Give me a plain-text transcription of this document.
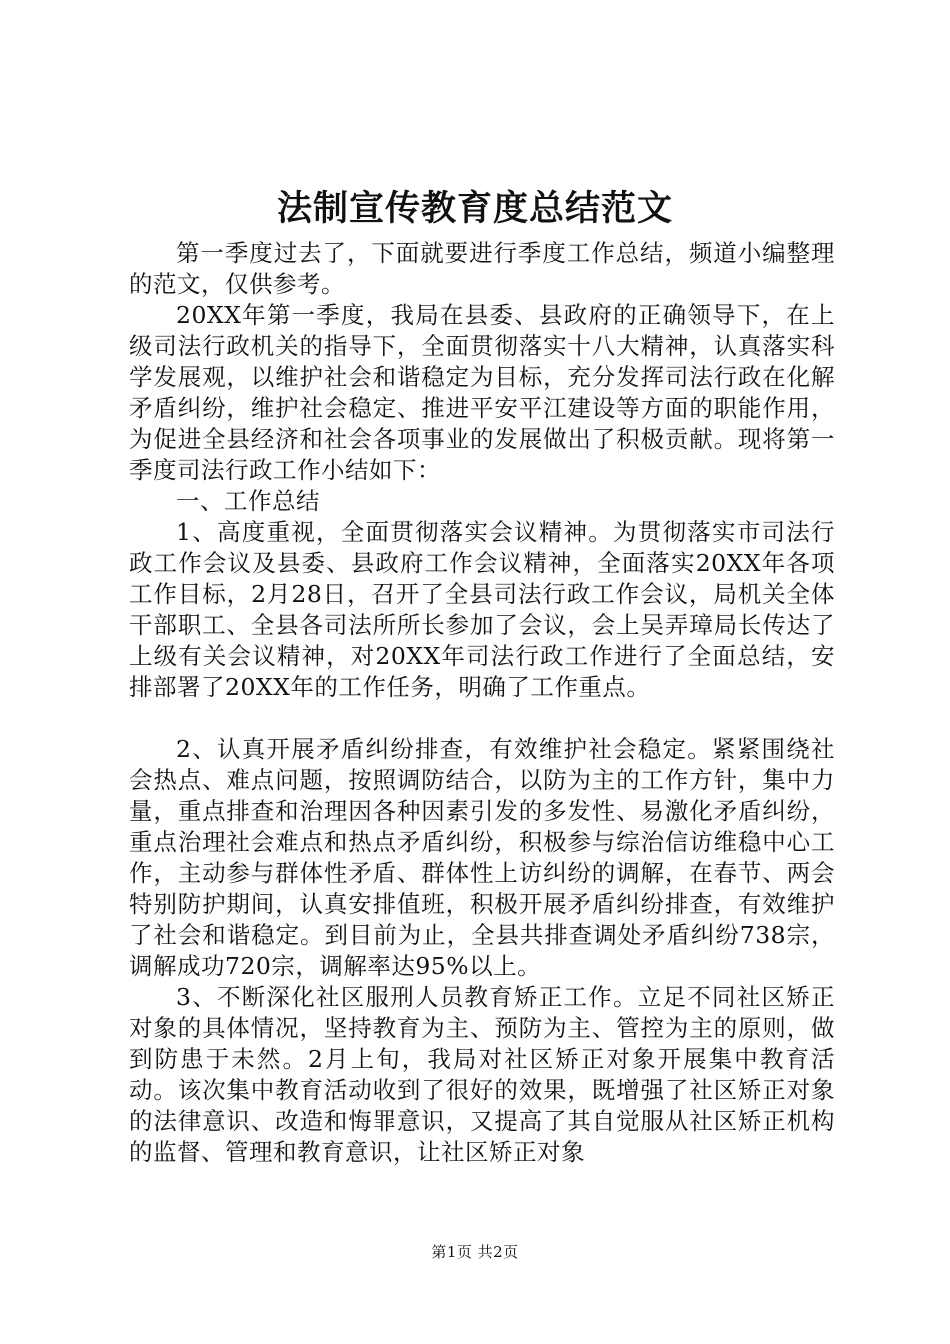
法制宣传教育度总结范文

第一季度过去了，下面就要进行季度工作总结，频道小编整理的范文，仅供参考。

20XX年第一季度，我局在县委、县政府的正确领导下，在上级司法行政机关的指导下，全面贯彻落实十八大精神，认真落实科学发展观，以维护社会和谐稳定为目标，充分发挥司法行政在化解矛盾纠纷，维护社会稳定、推进平安平江建设等方面的职能作用，为促进全县经济和社会各项事业的发展做出了积极贡献。现将第一季度司法行政工作小结如下：

一、工作总结

1、高度重视，全面贯彻落实会议精神。为贯彻落实市司法行政工作会议及县委、县政府工作会议精神，全面落实20XX年各项工作目标，2月28日，召开了全县司法行政工作会议，局机关全体干部职工、全县各司法所所长参加了会议，会上吴弄璋局长传达了上级有关会议精神，对20XX年司法行政工作进行了全面总结，安排部署了20XX年的工作任务，明确了工作重点。

2、认真开展矛盾纠纷排查，有效维护社会稳定。紧紧围绕社会热点、难点问题，按照调防结合，以防为主的工作方针，集中力量，重点排查和治理因各种因素引发的多发性、易激化矛盾纠纷，重点治理社会难点和热点矛盾纠纷，积极参与综治信访维稳中心工作，主动参与群体性矛盾、群体性上访纠纷的调解，在春节、两会特别防护期间，认真安排值班，积极开展矛盾纠纷排查，有效维护了社会和谐稳定。到目前为止，全县共排查调处矛盾纠纷738宗，调解成功720宗，调解率达95%以上。

3、不断深化社区服刑人员教育矫正工作。立足不同社区矫正对象的具体情况，坚持教育为主、预防为主、管控为主的原则，做到防患于未然。2月上旬，我局对社区矫正对象开展集中教育活动。该次集中教育活动收到了很好的效果，既增强了社区矫正对象的法律意识、改造和悔罪意识，又提高了其自觉服从社区矫正机构的监督、管理和教育意识，让社区矫正对象

第1页 共2页
